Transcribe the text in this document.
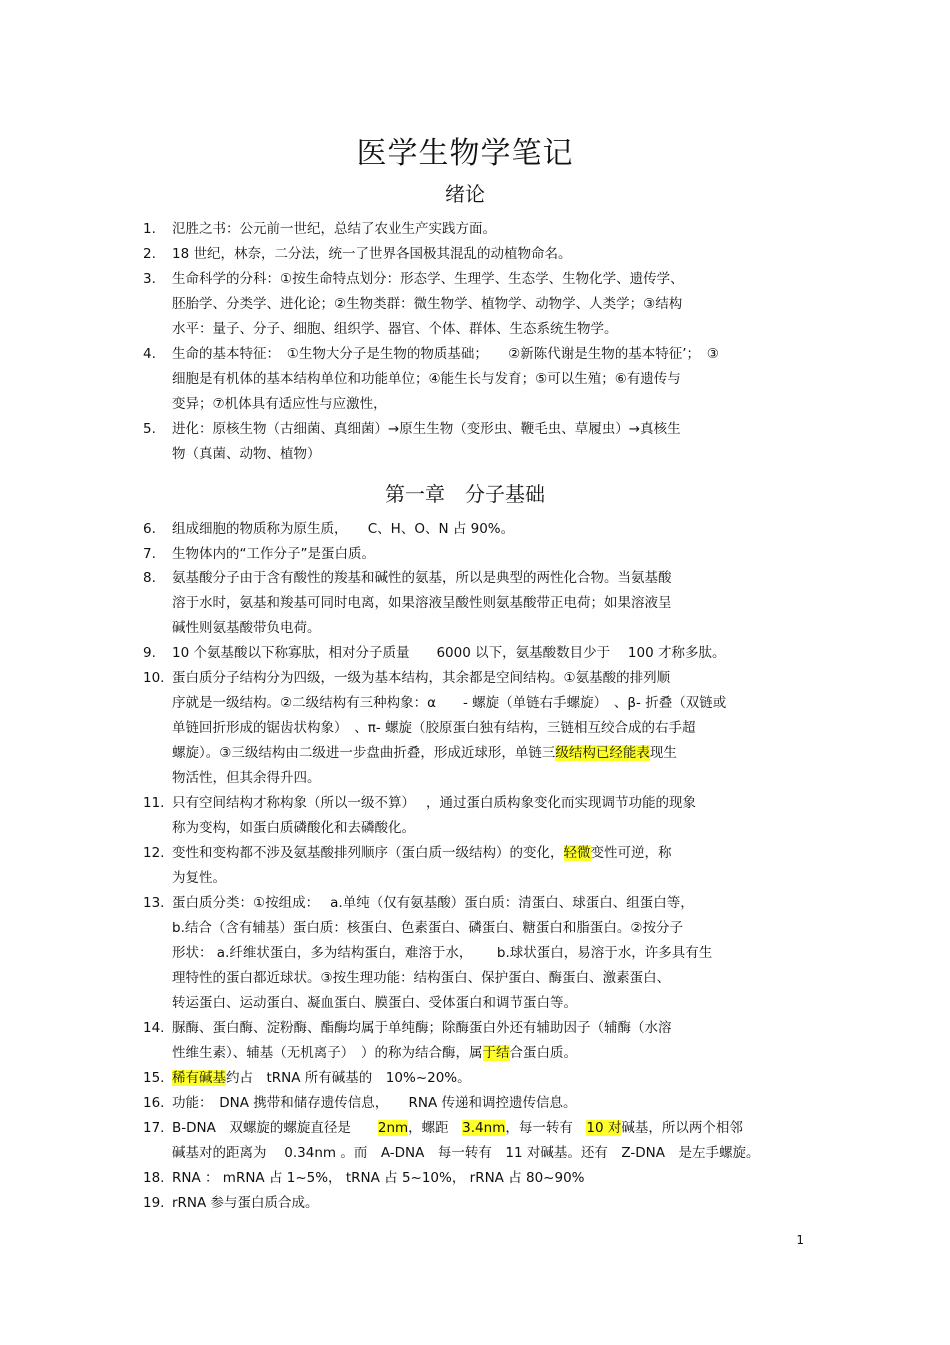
医学生物学笔记
绪论
1.	氾胜之书：公元前一世纪，总结了农业生产实践方面。
2.	18 世纪，林奈，二分法，统一了世界各国极其混乱的动植物命名。
3.	生命科学的分科：①按生命特点划分：形态学、生理学、生态学、生物化学、遗传学、
胚胎学、分类学、进化论；②生物类群：微生物学、植物学、动物学、人类学；③结构
水平：量子、分子、细胞、组织学、器官、个体、群体、生态系统生物学。
4.	生命的基本特征：　①生物大分子是生物的物质基础；　　②新陈代谢是生物的基本特征’；　③
细胞是有机体的基本结构单位和功能单位；④能生长与发育；⑤可以生殖；⑥有遗传与
变异；⑦机体具有适应性与应激性，
5.	进化：原核生物（古细菌、真细菌）→原生生物（变形虫、鞭毛虫、草履虫）→真核生
物（真菌、动物、植物）
第一章　分子基础
6.	组成细胞的物质称为原生质，　　C、H、O、N 占 90%。
7.	生物体内的“工作分子”是蛋白质。
8.	氨基酸分子由于含有酸性的羧基和碱性的氨基，所以是典型的两性化合物。当氨基酸
溶于水时，氨基和羧基可同时电离，如果溶液呈酸性则氨基酸带正电荷；如果溶液呈
碱性则氨基酸带负电荷。
9.	10 个氨基酸以下称寡肽，相对分子质量　　6000 以下，氨基酸数目少于　 100 才称多肽。
10. 蛋白质分子结构分为四级，一级为基本结构，其余都是空间结构。①氨基酸的排列顺
序就是一级结构。②二级结构有三种构象：α　　- 螺旋（单链右手螺旋）　、β- 折叠（双链或
单链回折形成的锯齿状构象）　、π- 螺旋（胶原蛋白独有结构，三链相互绞合成的右手超
螺旋）。③三级结构由二级进一步盘曲折叠，形成近球形，单链三级结构已经能表现生
物活性，但其余得升四。
11. 只有空间结构才称构象（所以一级不算）　 ，通过蛋白质构象变化而实现调节功能的现象
称为变构，如蛋白质磷酸化和去磷酸化。
12. 变性和变构都不涉及氨基酸排列顺序（蛋白质一级结构）的变化，轻微变性可逆，称
为复性。
13. 蛋白质分类：①按组成：　 a.单纯（仅有氨基酸）蛋白质：清蛋白、球蛋白、组蛋白等，
b.结合（含有辅基）蛋白质：核蛋白、色素蛋白、磷蛋白、糖蛋白和脂蛋白。②按分子
形状： a.纤维状蛋白，多为结构蛋白，难溶于水，　　 b.球状蛋白，易溶于水，许多具有生
理特性的蛋白都近球状。③按生理功能：结构蛋白、保护蛋白、酶蛋白、激素蛋白、
转运蛋白、运动蛋白、凝血蛋白、膜蛋白、受体蛋白和调节蛋白等。
14. 脲酶、蛋白酶、淀粉酶、酯酶均属于单纯酶；除酶蛋白外还有辅助因子（辅酶（水溶
性维生素）、辅基（无机离子）　）的称为结合酶，属于结合蛋白质。
15. 稀有碱基约占　tRNA 所有碱基的　10%~20%。
16. 功能：　DNA 携带和储存遗传信息，　　RNA 传递和调控遗传信息。
17. B-DNA　双螺旋的螺旋直径是　　2nm，螺距　3.4nm，每一转有　10 对碱基，所以两个相邻
碱基对的距离为　 0.34nm 。而　A-DNA　每一转有　11 对碱基。还有　Z-DNA　是左手螺旋。
18. RNA ： mRNA 占 1~5%， tRNA 占 5~10%， rRNA 占 80~90%
19. rRNA 参与蛋白质合成。
1
